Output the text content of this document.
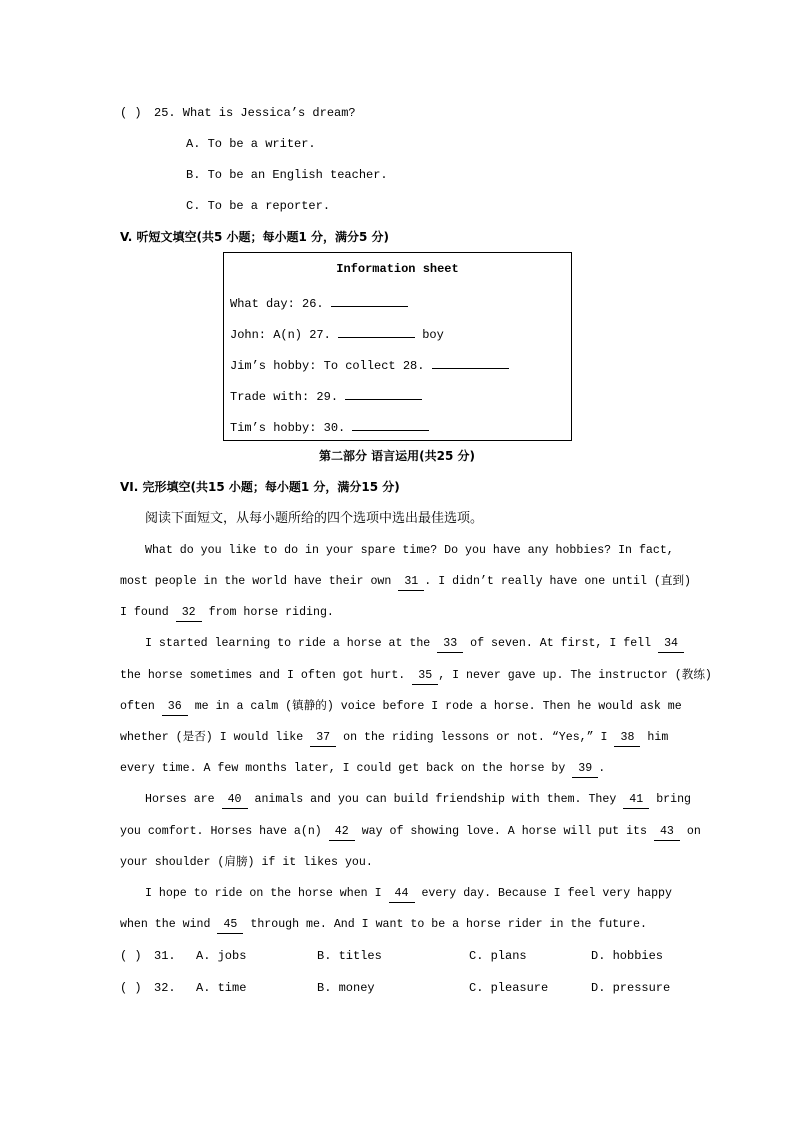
( ) 25. What is Jessica’s dream?
A. To be a writer.
B. To be an English teacher.
C. To be a reporter.
V. 听短文填空(共5 小题；每小题1 分，满分5 分)
Information sheet
What day: 26.
John: A(n) 27.	boy
Jim’s hobby: To collect 28.
Trade with: 29.
Tim’s hobby: 30.
第二部分 语言运用(共25 分)
VI. 完形填空(共15 小题；每小题1 分，满分15 分)
阅读下面短文，从每小题所给的四个选项中选出最佳选项。
What do you like to do in your spare time? Do you have any hobbies? In fact,
most people in the world have their own 31 . I didn’t really have one until (直到)
I found 32 from horse riding.
I started learning to ride a horse at the 33 of seven. At first, I fell 34
the horse sometimes and I often got hurt. 35 , I never gave up. The instructor (教练)
often 36 me in a calm (镇静的) voice before I rode a horse. Then he would ask me
whether (是否) I would like 37 on the riding lessons or not. “Yes,” I 38 him
every time. A few months later, I could get back on the horse by 39 .
Horses are 40 animals and you can build friendship with them. They 41 bring
you comfort. Horses have a(n) 42 way of showing love. A horse will put its 43 on
your shoulder (肩膀) if it likes you.
I hope to ride on the horse when I 44 every day. Because I feel very happy
when the wind 45 through me. And I want to be a horse rider in the future.
( ) 31. A. jobs	B. titles	C. plans	D. hobbies
( ) 32. A. time	B. money	C. pleasure	D. pressure
